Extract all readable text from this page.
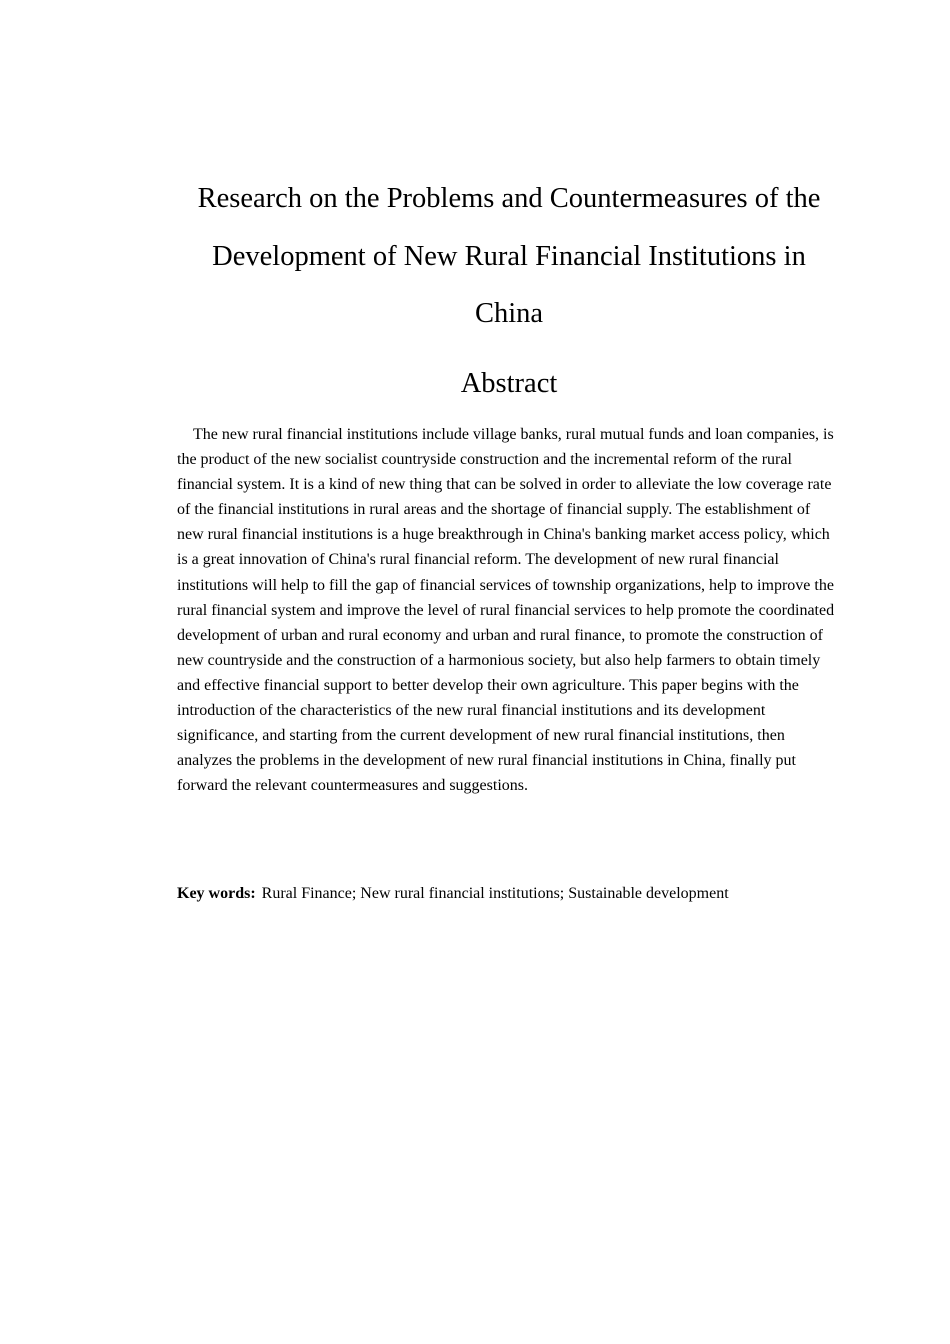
Research on the Problems and Countermeasures of the Development of New Rural Financial Institutions in China
Abstract

The new rural financial institutions include village banks, rural mutual funds and loan companies, is the product of the new socialist countryside construction and the incremental reform of the rural financial system. It is a kind of new thing that can be solved in order to alleviate the low coverage rate of the financial institutions in rural areas and the shortage of financial supply. The establishment of new rural financial institutions is a huge breakthrough in China's banking market access policy, which is a great innovation of China's rural financial reform. The development of new rural financial institutions will help to fill the gap of financial services of township organizations, help to improve the rural financial system and improve the level of rural financial services to help promote the coordinated development of urban and rural economy and urban and rural finance, to promote the construction of new countryside and the construction of a harmonious society, but also help farmers to obtain timely and effective financial support to better develop their own agriculture. This paper begins with the introduction of the characteristics of the new rural financial institutions and its development significance, and starting from the current development of new rural financial institutions, then analyzes the problems in the development of new rural financial institutions in China, finally put forward the relevant countermeasures and suggestions.

Key words: Rural Finance; New rural financial institutions; Sustainable development
